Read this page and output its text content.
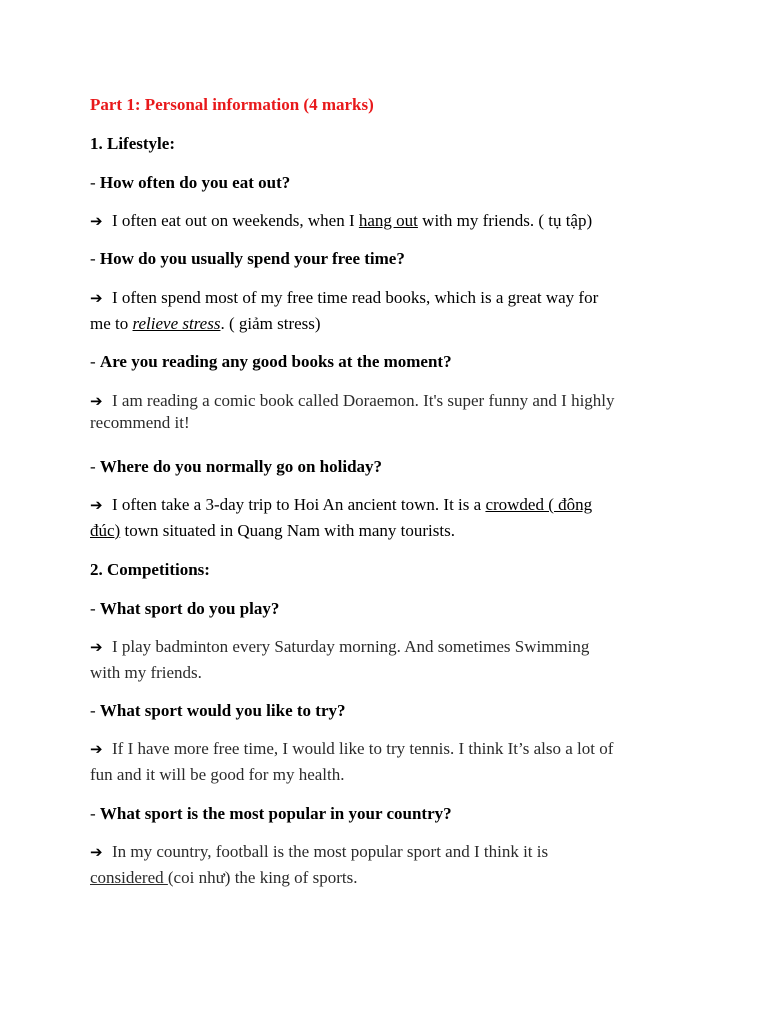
Part 1: Personal information (4 marks)

1. Lifestyle:

- How often do you eat out?

➔ I often eat out on weekends, when I hang out with my friends. ( tụ tập)

- How do you usually spend your free time?

➔ I often spend most of my free time read books, which is a great way for

me to relieve stress. ( giảm stress)

- Are you reading any good books at the moment?

➔ I am reading a comic book called Doraemon. It's super funny and I highly

recommend it!

- Where do you normally go on holiday?

➔ I often take a 3-day trip to Hoi An ancient town. It is a crowded ( đông

đúc) town situated in Quang Nam with many tourists.

2. Competitions:

- What sport do you play?

➔ I play badminton every Saturday morning. And sometimes Swimming

with my friends.

- What sport would you like to try?

➔ If I have more free time, I would like to try tennis. I think It’s also a lot of

fun and it will be good for my health.

- What sport is the most popular in your country?

➔ In my country, football is the most popular sport and I think it is

considered (coi như) the king of sports.
